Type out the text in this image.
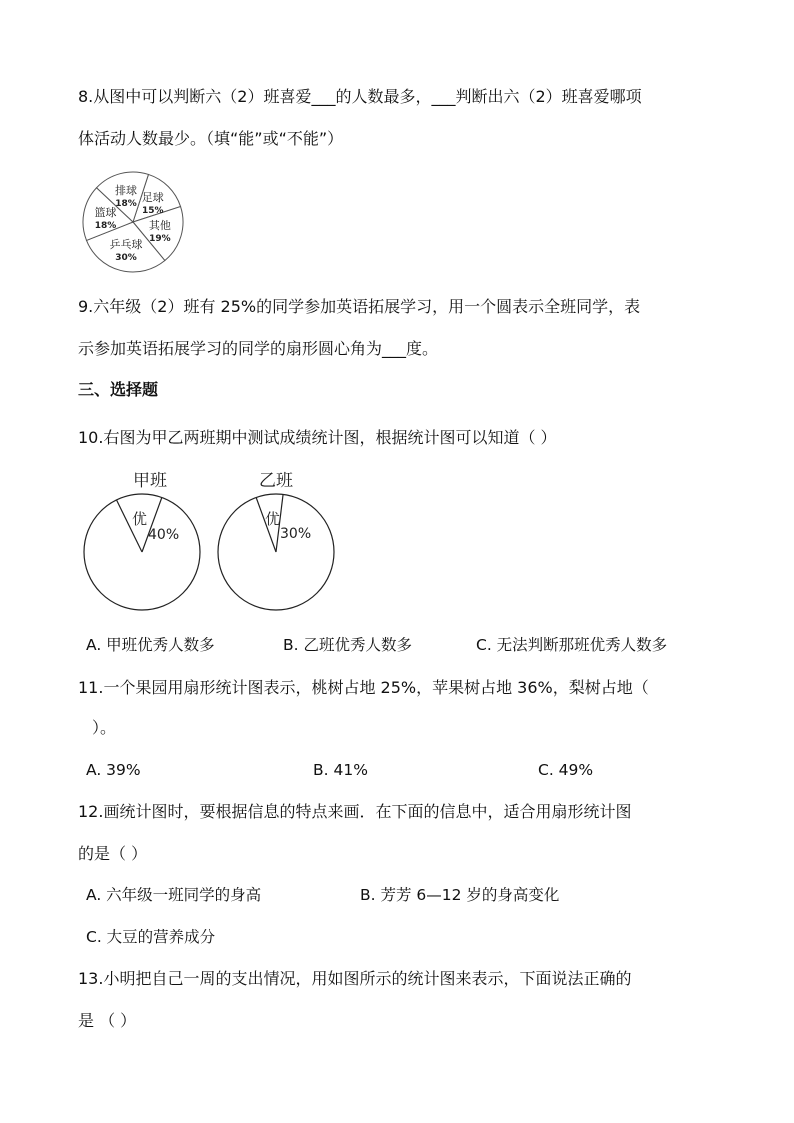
8.从图中可以判断六（2）班喜爱___的人数最多，___判断出六（2）班喜爱哪项
体活动人数最少。（填“能”或“不能”）
足球
15%
其他
19%
乒乓球
30%
篮球
18%
排球
18%
9.六年级（2）班有 25%的同学参加英语拓展学习，用一个圆表示全班同学，表
示参加英语拓展学习的同学的扇形圆心角为___度。
三、选择题
10.右图为甲乙两班期中测试成绩统计图，根据统计图可以知道（ ）
甲班
优
40%
乙班
优
30%
A. 甲班优秀人数多	B. 乙班优秀人数多	C. 无法判断那班优秀人数多
11.一个果园用扇形统计图表示，桃树占地 25%，苹果树占地 36%，梨树占地（
）。
A. 39%	B. 41%	C. 49%
12.画统计图时，要根据信息的特点来画．在下面的信息中，适合用扇形统计图
的是（ ）
A. 六年级一班同学的身高	B. 芳芳 6—12 岁的身高变化
C. 大豆的营养成分
13.小明把自己一周的支出情况，用如图所示的统计图来表示，下面说法正确的
是 （ ）
